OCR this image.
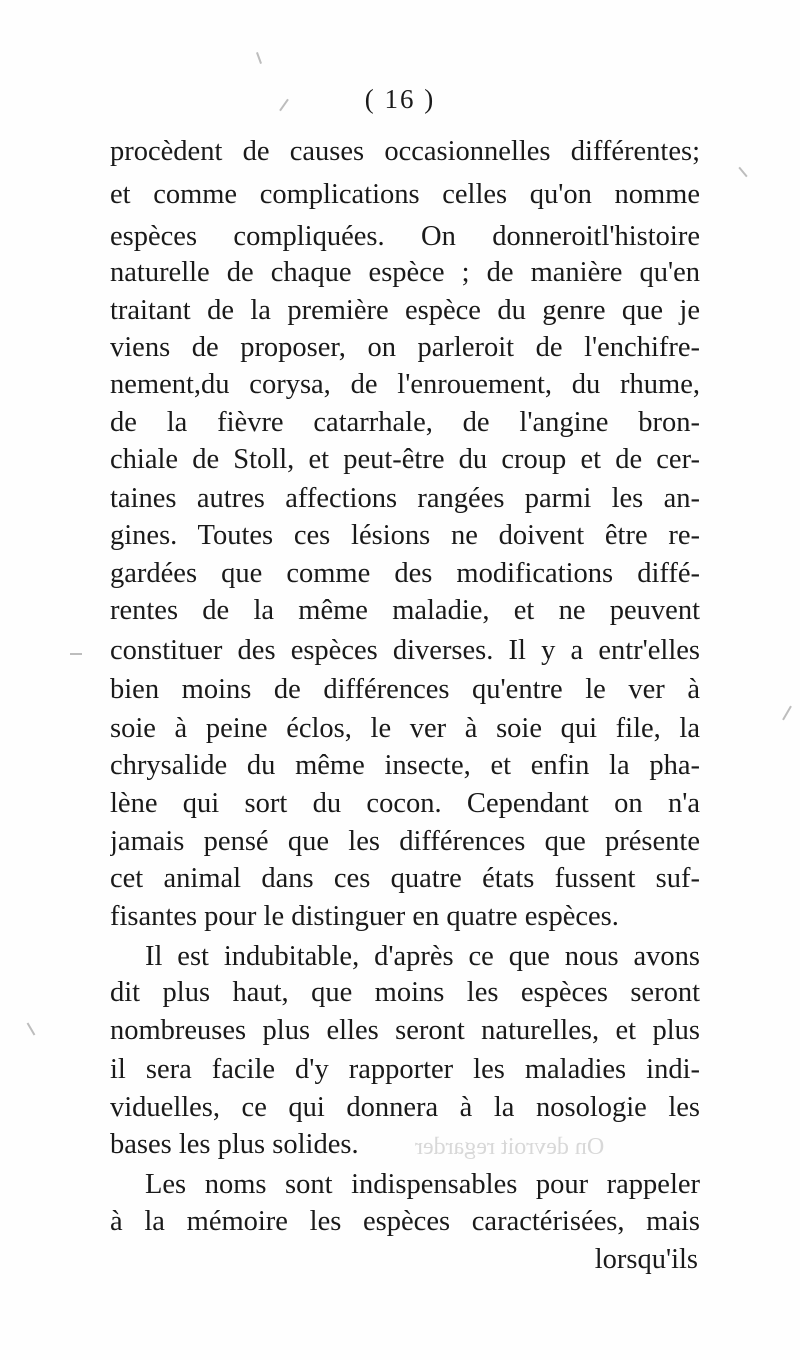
( 16 )
On devroit regarder
procèdent de causes occasionnelles différentes;
et comme complications celles qu'on nomme
espèces compliquées. On donneroitl'histoire
naturelle de chaque espèce ; de manière qu'en
traitant de la première espèce du genre que je
viens de proposer, on parleroit de l'enchifre-
nement,du corysa, de l'enrouement, du rhume,
de la fièvre catarrhale, de l'angine bron-
chiale de Stoll, et peut-être du croup et de cer-
taines autres affections rangées parmi les an-
gines. Toutes ces lésions ne doivent être re-
gardées que comme des modifications diffé-
rentes de la même maladie, et ne peuvent
constituer des espèces diverses. Il y a entr'elles
bien moins de différences qu'entre le ver à
soie à peine éclos, le ver à soie qui file, la
chrysalide du même insecte, et enfin la pha-
lène qui sort du cocon. Cependant on n'a
jamais pensé que les différences que présente
cet animal dans ces quatre états fussent suf-
fisantes pour le distinguer en quatre espèces.
Il est indubitable, d'après ce que nous avons
dit plus haut, que moins les espèces seront
nombreuses plus elles seront naturelles, et plus
il sera facile d'y rapporter les maladies indi-
viduelles, ce qui donnera à la nosologie les
bases les plus solides.
Les noms sont indispensables pour rappeler
à la mémoire les espèces caractérisées, mais
lorsqu'ils
